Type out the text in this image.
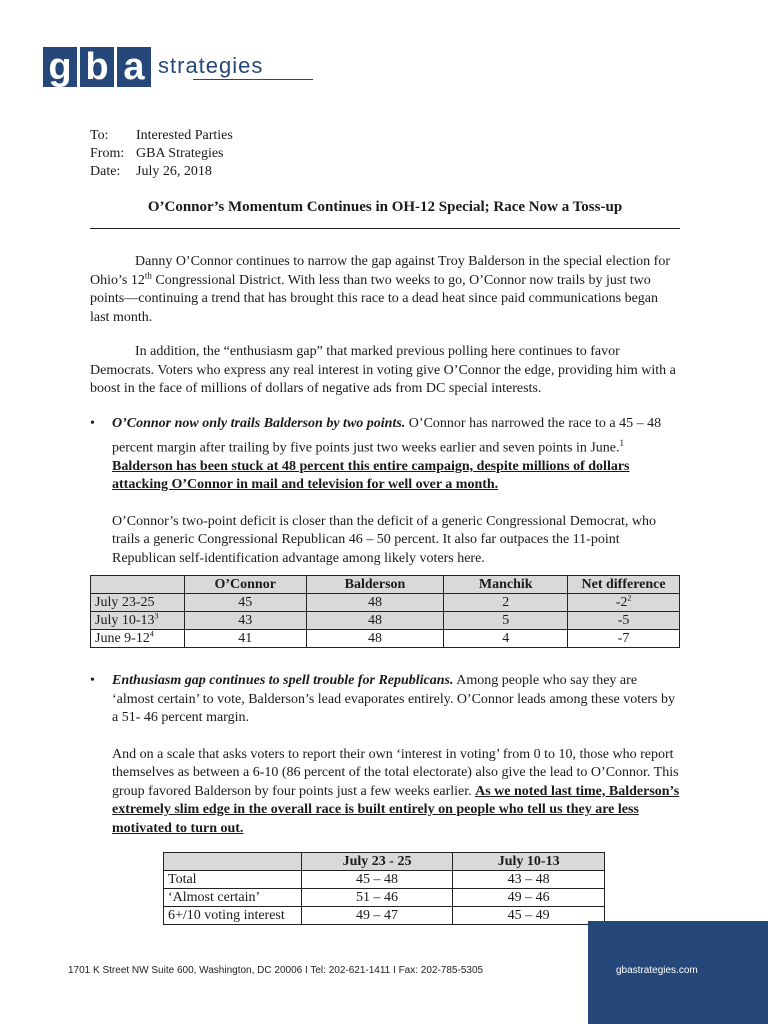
g b a strategies
To:	Interested Parties
From: GBA Strategies
Date:	July 26, 2018
O’Connor’s Momentum Continues in OH-12 Special; Race Now a Toss-up
Danny O’Connor continues to narrow the gap against Troy Balderson in the special election for Ohio’s 12th Congressional District. With less than two weeks to go, O’Connor now trails by just two points—continuing a trend that has brought this race to a dead heat since paid communications began last month.
In addition, the “enthusiasm gap” that marked previous polling here continues to favor Democrats. Voters who express any real interest in voting give O’Connor the edge, providing him with a boost in the face of millions of dollars of negative ads from DC special interests.
• O’Connor now only trails Balderson by two points. O’Connor has narrowed the race to a 45 – 48 percent margin after trailing by five points just two weeks earlier and seven points in June.$^1$ Balderson has been stuck at 48 percent this entire campaign, despite millions of dollars attacking O’Connor in mail and television for well over a month.

O’Connor’s two-point deficit is closer than the deficit of a generic Congressional Democrat, who trails a generic Congressional Republican 46 – 50 percent. It also far outpaces the 11-point Republican self-identification advantage among likely voters here.

	O’Connor	Balderson	Manchik	Net difference
July 23-25	45	48	2	$-2^2$
July $10-13^3$	43	48	5	-5
June $9-12^4$	41	48	4	-7
• Enthusiasm gap continues to spell trouble for Republicans. Among people who say they are ‘almost certain’ to vote, Balderson’s lead evaporates entirely. O’Connor leads among these voters by a 51- 46 percent margin.

And on a scale that asks voters to report their own ‘interest in voting’ from 0 to 10, those who report themselves as between a 6-10 (86 percent of the total electorate) also give the lead to O’Connor. This group favored Balderson by four points just a few weeks earlier. As we noted last time, Balderson’s extremely slim edge in the overall race is built entirely on people who tell us they are less motivated to turn out.

	July 23 - 25	July 10-13
Total	45 – 48	43 – 48
‘Almost certain’	51 – 46	49 – 46
6+/10 voting interest	49 – 47	45 – 49
1701 K Street NW Suite 600, Washington, DC 20006 I Tel: 202-621-1411 I Fax: 202-785-5305	gbastrategies.com
